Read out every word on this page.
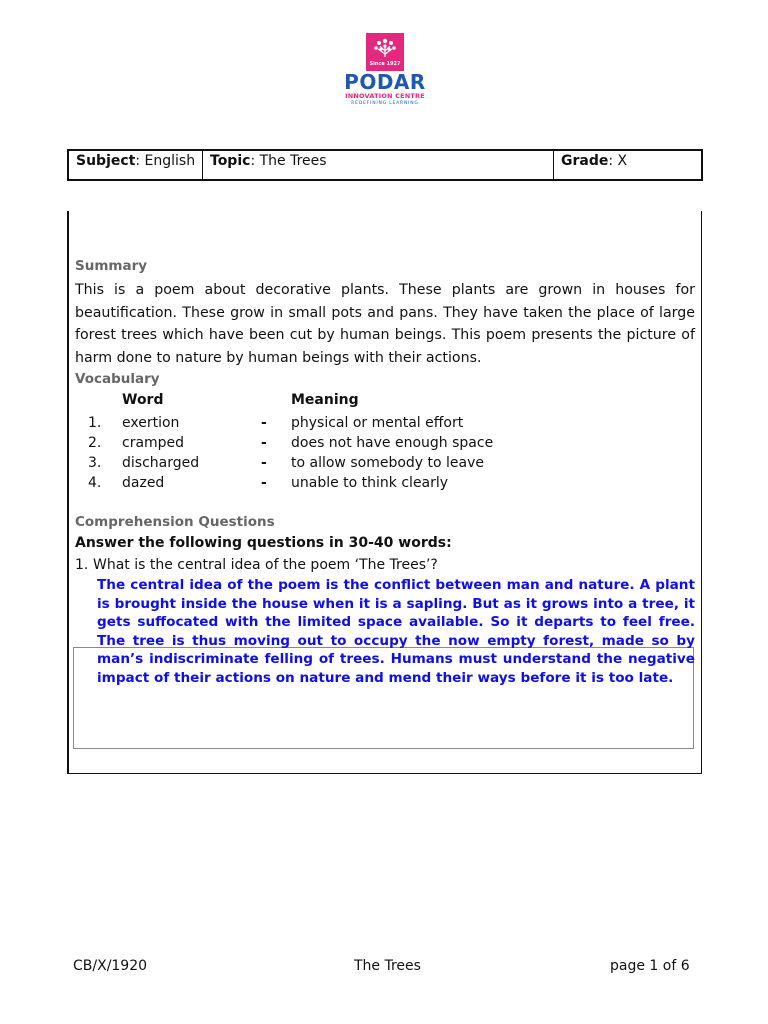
Since 1927
PODAR
INNOVATION CENTRE
REDEFINING LEARNING
Subject: English	Topic: The Trees	Grade: X
Summary
This is a poem about decorative plants. These plants are grown in houses for beautification. These grow in small pots and pans. They have taken the place of large forest trees which have been cut by human beings. This poem presents the picture of harm done to nature by human beings with their actions.
Vocabulary
Word	Meaning
1. exertion	- physical or mental effort
2. cramped	- does not have enough space
3. discharged	- to allow somebody to leave
4. dazed	- unable to think clearly
Comprehension Questions
Answer the following questions in 30-40 words:
1. What is the central idea of the poem ‘The Trees’?
The central idea of the poem is the conflict between man and nature. A plant is brought inside the house when it is a sapling. But as it grows into a tree, it gets suffocated with the limited space available. So it departs to feel free. The tree is thus moving out to occupy the now empty forest, made so by man’s indiscriminate felling of trees. Humans must understand the negative impact of their actions on nature and mend their ways before it is too late.
CB/X/1920	The Trees	page 1 of 6
